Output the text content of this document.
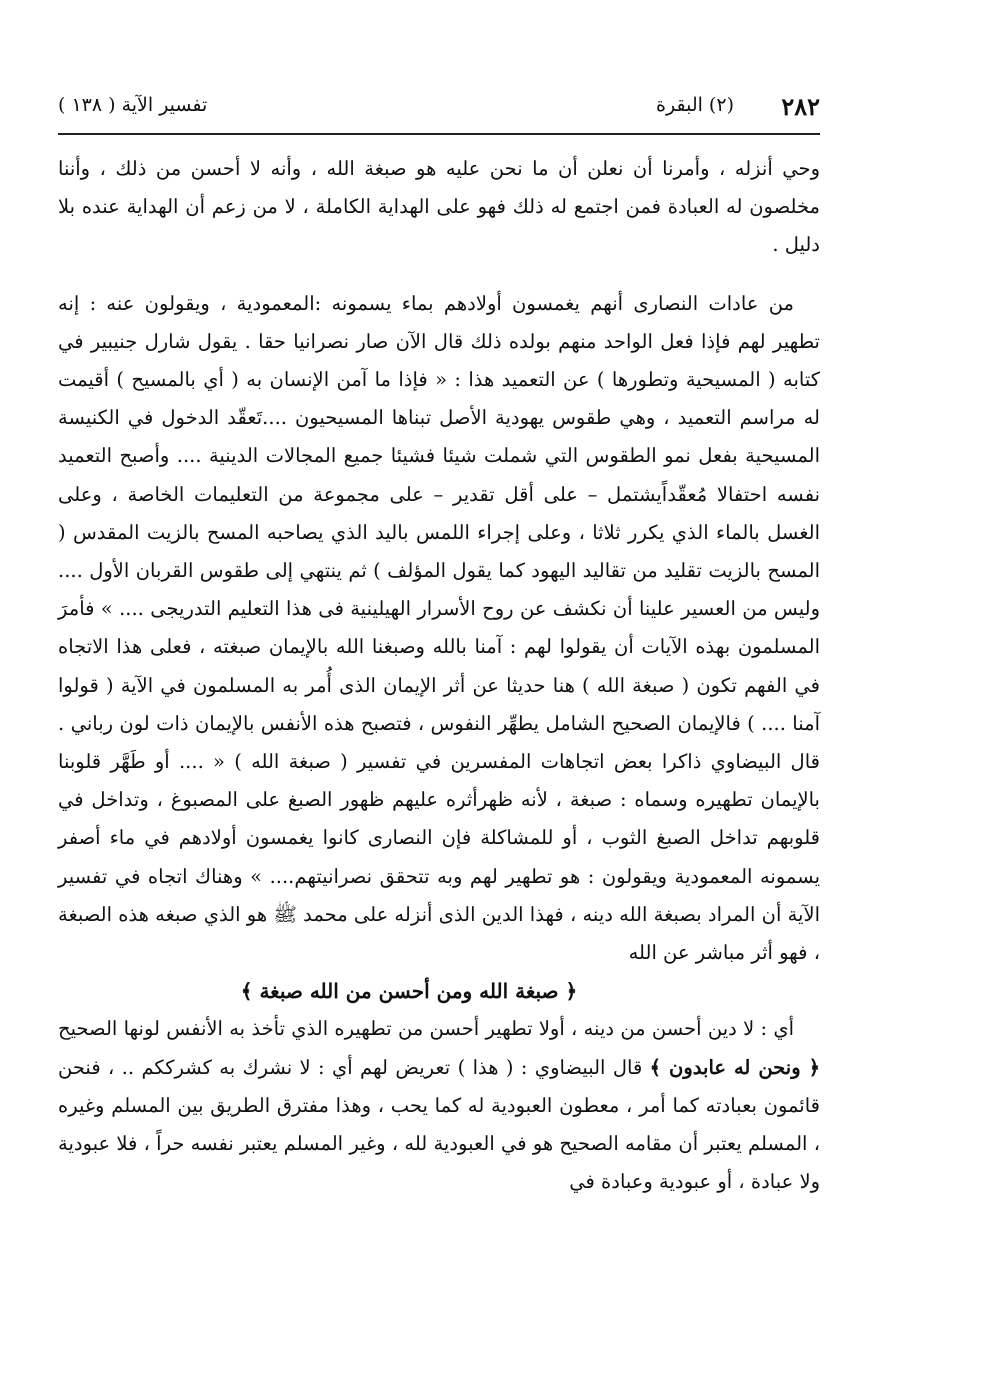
٢٨٢
(٢) البقرة
تفسير الآية ( ١٣٨ )

وحي أنزله ، وأمرنا أن نعلن أن ما نحن عليه هو صبغة الله ، وأنه لا أحسن من ذلك ، وأننا مخلصون له العبادة فمن اجتمع له ذلك فهو على الهداية الكاملة ، لا من زعم أن الهداية عنده بلا دليل .

من عادات النصارى أنهم يغمسون أولادهم بماء يسمونه :المعمودية ، ويقولون عنه : إنه تطهير لهم فإذا فعل الواحد منهم بولده ذلك قال الآن صار نصرانيا حقا . يقول شارل جنيبير في كتابه ( المسيحية وتطورها ) عن التعميد هذا : « فإذا ما آمن الإنسان به ( أي بالمسيح ) أقيمت له مراسم التعميد ، وهي طقوس يهودية الأصل تبناها المسيحيون ....تَعقّد الدخول في الكنيسة المسيحية بفعل نمو الطقوس التي شملت شيئا فشيئا جميع المجالات الدينية .... وأصبح التعميد نفسه احتفالا مُعقّداًيشتمل – على أقل تقدير – على مجموعة من التعليمات الخاصة ، وعلى الغسل بالماء الذي يكرر ثلاثا ، وعلى إجراء اللمس باليد الذي يصاحبه المسح بالزيت المقدس ( المسح بالزيت تقليد من تقاليد اليهود كما يقول المؤلف ) ثم ينتهي إلى طقوس القربان الأول .... وليس من العسير علينا أن نكشف عن روح الأسرار الهيلينية فى هذا التعليم التدريجى .... » فأمرَ المسلمون بهذه الآيات أن يقولوا لهم : آمنا بالله وصبغنا الله بالإيمان صبغته ، فعلى هذا الاتجاه في الفهم تكون ( صبغة الله ) هنا حديثا عن أثر الإيمان الذى أُمر به المسلمون في الآية ( قولوا آمنا .... ) فالإيمان الصحيح الشامل يطهِّر النفوس ، فتصبح هذه الأنفس بالإيمان ذات لون رباني . قال البيضاوي ذاكرا بعض اتجاهات المفسرين في تفسير ( صبغة الله ) « .... أو طَهَّر قلوبنا بالإيمان تطهيره وسماه : صبغة ، لأنه ظهرأثره عليهم ظهور الصبغ على المصبوغ ، وتداخل في قلوبهم تداخل الصبغ الثوب ، أو للمشاكلة فإن النصارى كانوا يغمسون أولادهم في ماء أصفر يسمونه المعمودية ويقولون : هو تطهير لهم وبه تتحقق نصرانيتهم.... » وهناك اتجاه في تفسير الآية أن المراد بصبغة الله دينه ، فهذا الدين الذى أنزله على محمد ﷺ هو الذي صبغه هذه الصبغة ، فهو أثر مباشر عن الله

﴿ صبغة الله ومن أحسن من الله صبغة ﴾

أي : لا دين أحسن من دينه ، أولا تطهير أحسن من تطهيره الذي تأخذ به الأنفس لونها الصحيح ﴿ ونحن له عابدون ﴾ قال البيضاوي : ( هذا ) تعريض لهم أي : لا نشرك به كشرككم .. ، فنحن قائمون بعبادته كما أمر ، معطون العبودية له كما يحب ، وهذا مفترق الطريق بين المسلم وغيره ، المسلم يعتبر أن مقامه الصحيح هو في العبودية لله ، وغير المسلم يعتبر نفسه حراً ، فلا عبودية ولا عبادة ، أو عبودية وعبادة في
